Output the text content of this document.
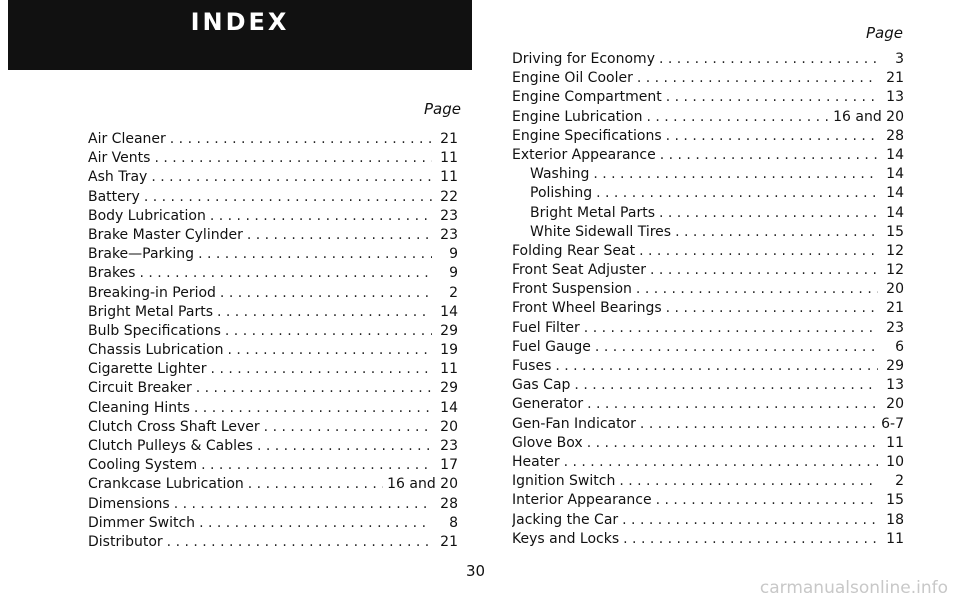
INDEX
Page
Page
Air Cleaner . . .	21
Air Vents . . .	11
Ash Tray . . .	11
Battery . . .	22
Body Lubrication . . .	23
Brake Master Cylinder . . .	23
Brake—Parking . . .	9
Brakes . . .	9
Breaking-in Period . . .	2
Bright Metal Parts . . .	14
Bulb Specifications . . .	29
Chassis Lubrication . . .	19
Cigarette Lighter . . .	11
Circuit Breaker . . .	29
Cleaning Hints . . .	14
Clutch Cross Shaft Lever . . .	20
Clutch Pulleys & Cables . . .	23
Cooling System . . .	17
Crankcase Lubrication . . .	16 and 20
Dimensions . . .	28
Dimmer Switch . . .	8
Distributor . . .	21
Driving for Economy . . .	3
Engine Oil Cooler . . .	21
Engine Compartment . . .	13
Engine Lubrication . . .	16 and 20
Engine Specifications . . .	28
Exterior Appearance . . .	14
Washing . . .	14
Polishing . . .	14
Bright Metal Parts . . .	14
White Sidewall Tires . . .	15
Folding Rear Seat . . .	12
Front Seat Adjuster . . .	12
Front Suspension . . .	20
Front Wheel Bearings . . .	21
Fuel Filter . . .	23
Fuel Gauge . . .	6
Fuses . . .	29
Gas Cap . . .	13
Generator . . .	20
Gen-Fan Indicator . . .	6-7
Glove Box . . .	11
Heater . . .	10
Ignition Switch . . .	2
Interior Appearance . . .	15
Jacking the Car . . .	18
Keys and Locks . . .	11
30
carmanualsonline.info
